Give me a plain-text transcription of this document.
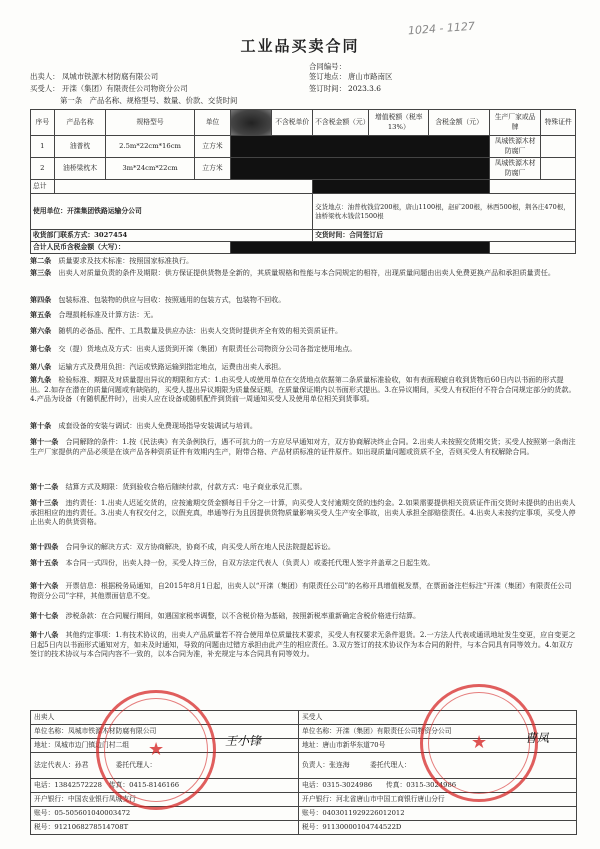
工业品买卖合同
1024 - 1127
合同编号：
出卖人： 凤城市铁源木材防腐有限公司	签订地点： 唐山市路南区
买受人： 开滦（集团）有限责任公司物资分公司	签订时间： 2023.3.6
第一条　产品名称、规格型号、数量、价款、交货时间
序号	产品名称	规格型号	单位		不含税单价	不含税金额（元）	增值税额（税率13%）	含税金额（元）	生产厂家或品牌	特殊证件
1	油普枕	2.5m*22cm*16cm	立方米						凤城铁源木材防腐厂	
2	油桥梁枕木	3m*24cm*22cm	立方米						凤城铁源木材防腐厂	
总计										
使用单位：开滦集团铁路运输分公司						交货地点：油普枕钱营200根，唐山1100根，赵矿200根，林西500根，荆各庄470根，油桥梁枕木钱营1500根				
收货部门联系方式：3027454						交货时间：合同签订后				
合计人民币含税金额（大写）：										
第二条　 质量要求及技术标准：按照国家标准执行。
第三条　 出卖人对质量负责的条件及期限：供方保证提供货物是全新的，其质量规格和性能与本合同规定的相符，出现质量问题由出卖人免费更换产品和承担质量责任。
第四条　 包装标准、包装物的供应与回收：按照通用的包装方式，包装物不回收。
第五条　 合理损耗标准及计算方法：无。
第六条　 随机的必备品、配件、工具数量及供应办法：出卖人交货时提供齐全有效的相关资质证件。
第七条　 交（提）货地点及方式：出卖人送货到开滦（集团）有限责任公司物资分公司各指定使用地点。
第八条　 运输方式及费用负担：汽运或铁路运输到指定地点，运费由出卖人承担。
第九条　 检验标准、期限及对质量提出异议的期限和方式：1.由买受人或使用单位在交货地点依据第二条质量标准验收，如有表面瑕疵自收到货物后60日内以书面的形式提出。2.如存在潜在的质量问题或有缺陷的，买受人提出异议期限为质量保证期，在质量保证期内以书面形式提出。3.在异议期间，买受人有权拒付不符合合同规定部分的货款。4.产品为设备（有随机配件时），出卖人应在设备或随机配件到货前一周通知买受人及使用单位相关到货事项。
第十条　 成套设备的安装与调试：出卖人免费现场指导安装调试与培训。
第十一条　 合同解除的条件：1.按《民法典》有关条例执行，遇不可抗力的一方应尽早通知对方，双方协商解决终止合同。2.出卖人未按照交货期交货；买受人按照第一条南注生产厂家提供的产品必须是在该产品各种资质证件有效期内生产，附带合格、产品材质标准的证件原件。如出现质量问题或资质不全，否则买受人有权解除合同。
第十二条　 结算方式及期限：货到验收合格后随续付款，付款方式：电子商业承兑汇票。
第十三条　 违约责任：1.出卖人迟延交货的，应按逾期交货金额每日千分之一计算，向买受人支付逾期交货的违约金。2.如果需要提供相关资质证件而交货时未提供的由出卖人承担相应的违约责任。3.出卖人有权交付之，以假充真，串通等行为且因提供货物质量影响买受人生产安全事故，出卖人承担全部赔偿责任。4.出卖人未按约定事项，买受人停止出卖人的供货资格。
第十四条　 合同争议的解决方式：双方协商解决，协商不成，向买受人所在地人民法院提起诉讼。
第十五条　 本合同一式四份，出卖人持一份，买受人持三份，自双方法定代表人（负责人）或委托代理人签字并盖章之日起生效。
第十六条　 开票信息：根据税务局通知，自2015年8月1日起，出卖人以“开滦（集团）有限责任公司”的名称开具增值税发票，在票面备注栏标注“开滦（集团）有限责任公司物资分公司”字样，其他票面信息不变。
第十七条　 涉税条款：在合同履行期间，如遇国家税率调整，以不含税价格为基础，按照新税率重新确定含税价格进行结算。
第十八条　 其他约定事项：1.有技术协议的，出卖人产品质量若不符合使用单位质量技术要求，买受人有权要求无条件退货。2.一方法人代表或通讯地址发生变更，应自变更之日起5日内以书面形式通知对方，如未及时通知，导致的问题由过错方承担由此产生的相应责任。3.双方签订的技术协议作为本合同的附件，与本合同具有同等效力。4.如双方签订的技术协议与本合同内容不一致的，以本合同为准，补充规定与本合同具有同等效力。
出卖人	买受人
单位名称：凤城市铁源木材防腐有限公司	单位名称：开滦（集团）有限责任公司物资分公司
地址：凤城市边门镇边门村二组	地址：唐山市新华东道70号
法定代表人：孙君　　　　 委托代理人：	负责人：张连海　　　 委托代理人：
电话：13842572228　 传真：0415-8146166	电话：0315-3024986　　 传真：0315-3024986
开户银行：中国农业银行凤城支行	开户银行：河北省唐山市中国工商银行唐山分行
账号：05-505601040003472	账号：0403011929226012012
税号：9121068278514708T	税号：91130000104744522D
★	★
王小锋	曹凤
